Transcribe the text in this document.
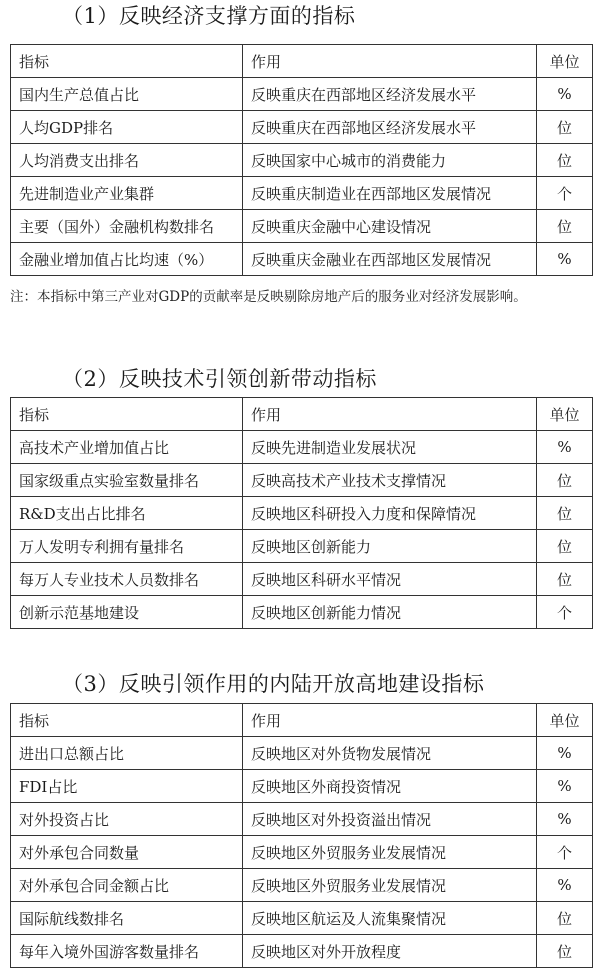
（1）反映经济支撑方面的指标
指标	作用	单位
国内生产总值占比	反映重庆在西部地区经济发展水平	%
人均GDP排名	反映重庆在西部地区经济发展水平	位
人均消费支出排名	反映国家中心城市的消费能力	位
先进制造业产业集群	反映重庆制造业在西部地区发展情况	个
主要（国外）金融机构数排名	反映重庆金融中心建设情况	位
金融业增加值占比均速（%）	反映重庆金融业在西部地区发展情况	%
注：本指标中第三产业对GDP的贡献率是反映剔除房地产后的服务业对经济发展影响。
（2）反映技术引领创新带动指标
指标	作用	单位
高技术产业增加值占比	反映先进制造业发展状况	%
国家级重点实验室数量排名	反映高技术产业技术支撑情况	位
R&D支出占比排名	反映地区科研投入力度和保障情况	位
万人发明专利拥有量排名	反映地区创新能力	位
每万人专业技术人员数排名	反映地区科研水平情况	位
创新示范基地建设	反映地区创新能力情况	个
（3）反映引领作用的内陆开放高地建设指标
指标	作用	单位
进出口总额占比	反映地区对外货物发展情况	%
FDI占比	反映地区外商投资情况	%
对外投资占比	反映地区对外投资溢出情况	%
对外承包合同数量	反映地区外贸服务业发展情况	个
对外承包合同金额占比	反映地区外贸服务业发展情况	%
国际航线数排名	反映地区航运及人流集聚情况	位
每年入境外国游客数量排名	反映地区对外开放程度	位
